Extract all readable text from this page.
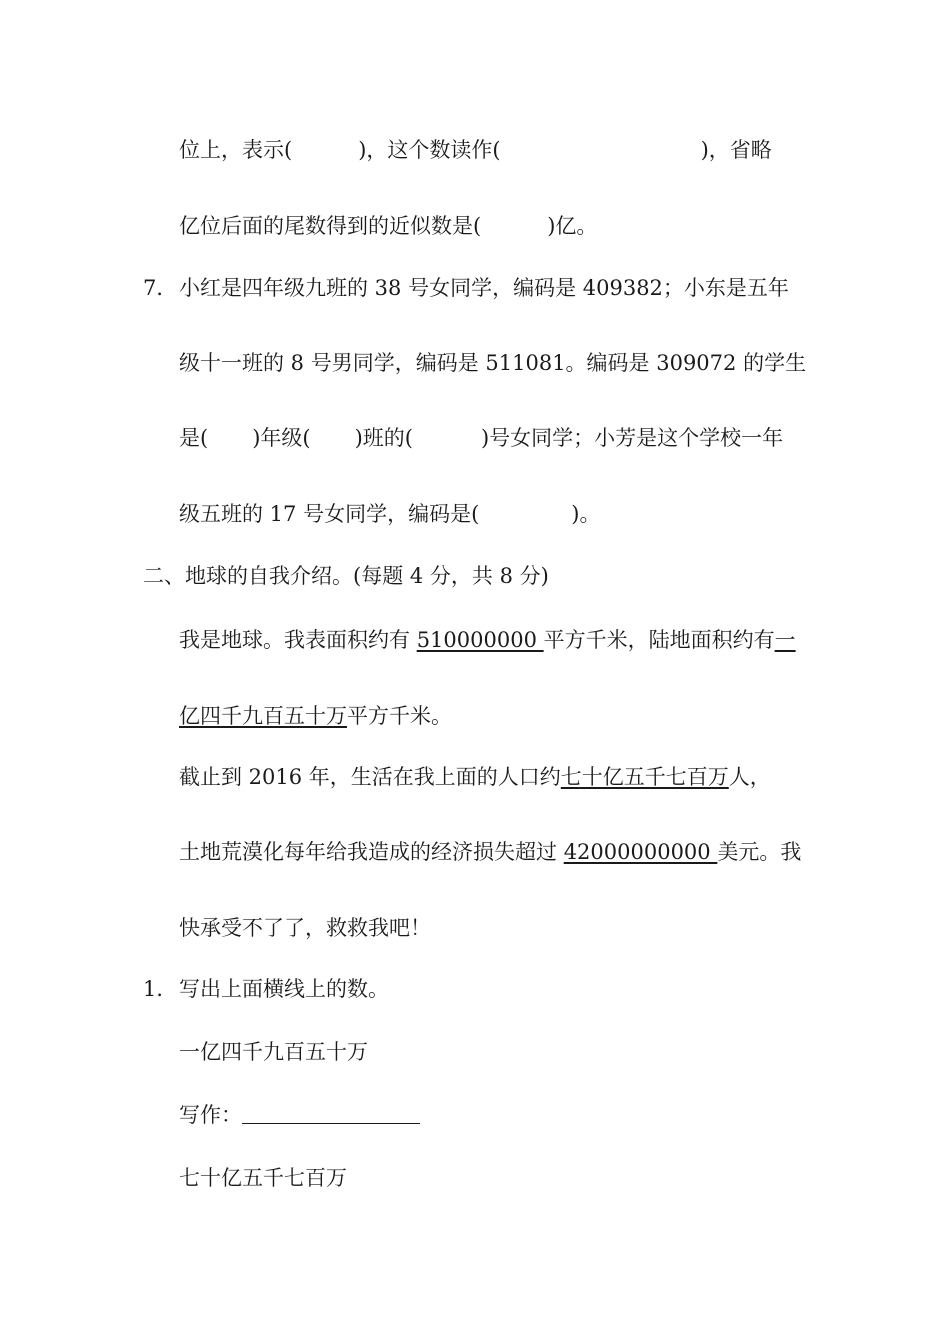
位上，表示(	)，这个数读作(	)，省略
亿位后面的尾数得到的近似数是(	)亿。
7． 小红是四年级九班的 38 号女同学，编码是 409382；小东是五年
级十一班的 8 号男同学，编码是 511081。编码是 309072 的学生
是( )年级( )班的(	)号女同学；小芳是这个学校一年
级五班的 17 号女同学，编码是(	)。
二、地球的自我介绍。(每题 4 分，共 8 分)
我是地球。我表面积约有 510000000 平方千米，陆地面积约有一
亿四千九百五十万平方千米。
截止到 2016 年，生活在我上面的人口约七十亿五千七百万人，
土地荒漠化每年给我造成的经济损失超过 42000000000 美元。我
快承受不了了，救救我吧！
1． 写出上面横线上的数。
一亿四千九百五十万
写作：
七十亿五千七百万
